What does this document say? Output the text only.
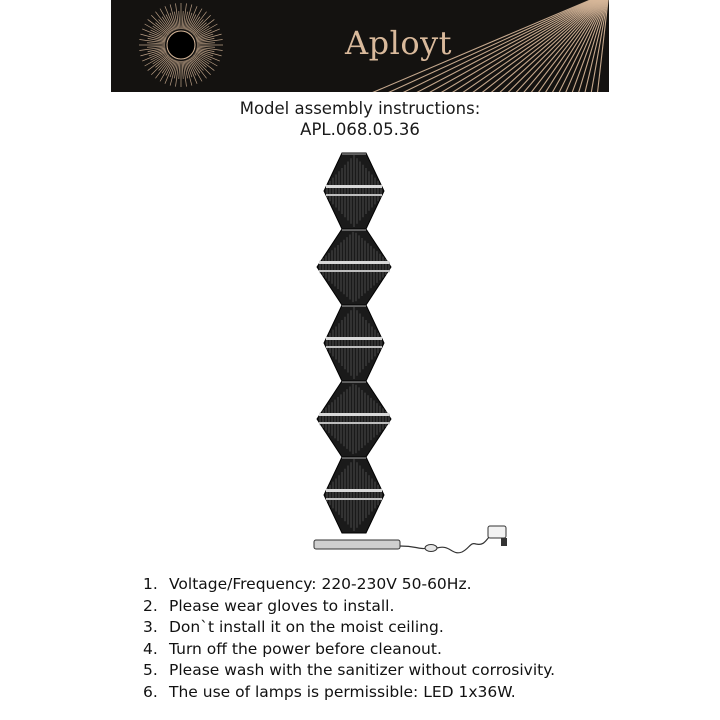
Aployt
Model assembly instructions:
APL.068.05.36
1. Voltage/Frequency: 220-230V 50-60Hz.
2. Please wear gloves to install.
3. Don`t install it on the moist ceiling.
4. Turn off the power before cleanout.
5. Please wash with the sanitizer without corrosivity.
6. The use of lamps is permissible: LED 1x36W.
